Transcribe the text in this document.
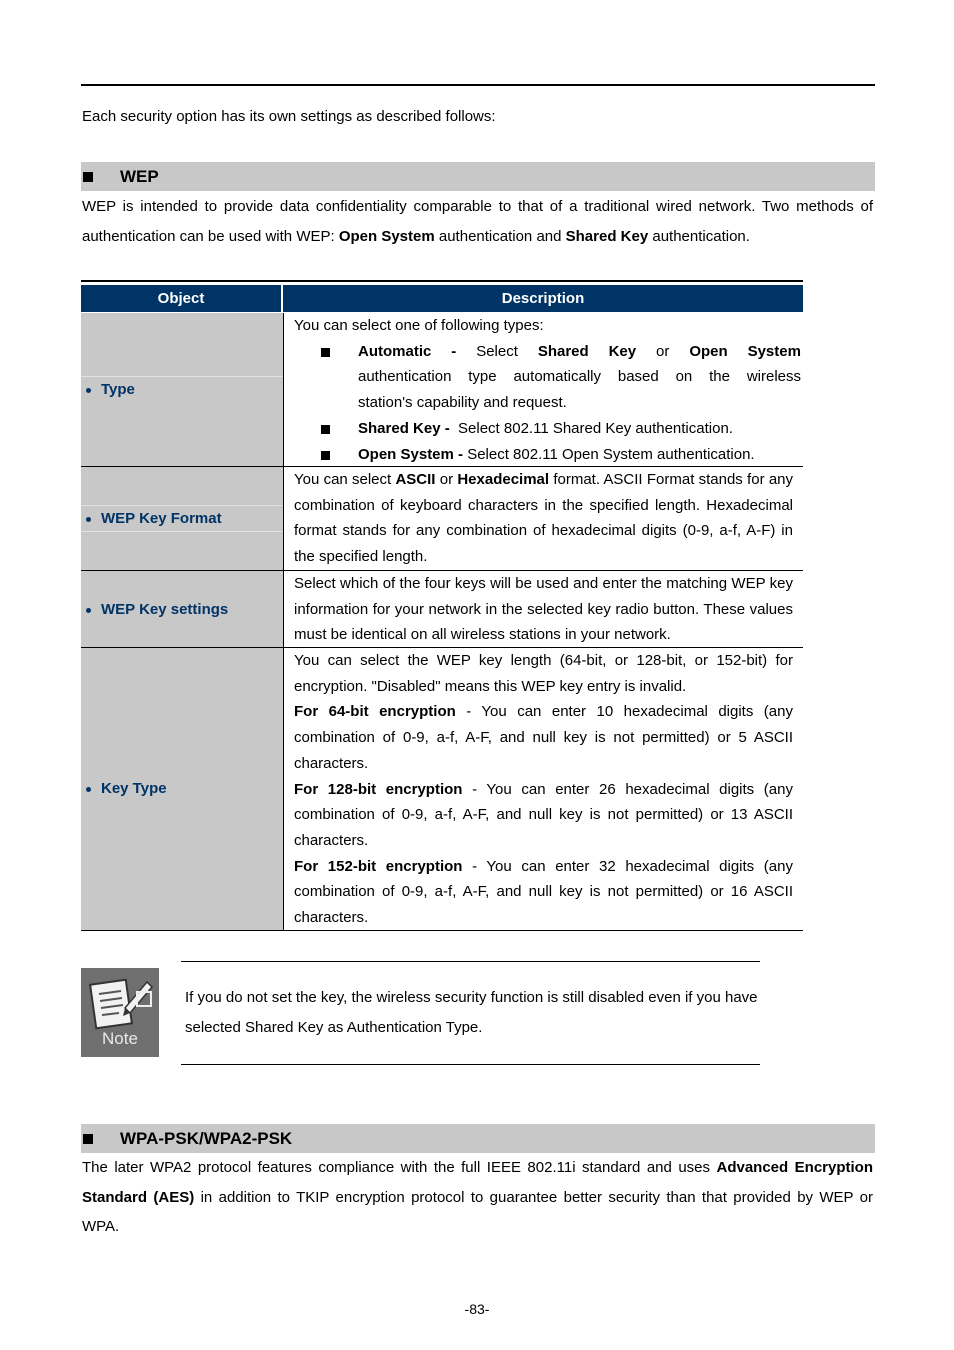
Each security option has its own settings as described follows:
WEP
WEP is intended to provide data confidentiality comparable to that of a traditional wired network. Two methods of authentication can be used with WEP: Open System authentication and Shared Key authentication.
Object	Description
Type
WEP Key Format
WEP Key settings
Key Type
You can select one of following types:
Automatic - Select Shared Key or Open System
authentication type automatically based on the wireless
station's capability and request.
Shared Key -  Select 802.11 Shared Key authentication.
Open System - Select 802.11 Open System authentication.
You can select ASCII or Hexadecimal format. ASCII Format stands for any combination of keyboard characters in the specified length. Hexadecimal format stands for any combination of hexadecimal digits (0-9, a-f, A-F) in the specified length.
Select which of the four keys will be used and enter the matching WEP key information for your network in the selected key radio button. These values must be identical on all wireless stations in your network.
You can select the WEP key length (64-bit, or 128-bit, or 152-bit) for encryption. "Disabled" means this WEP key entry is invalid.
For 64-bit encryption - You can enter 10 hexadecimal digits (any combination of 0-9, a-f, A-F, and null key is not permitted) or 5 ASCII characters.
For 128-bit encryption - You can enter 26 hexadecimal digits (any combination of 0-9, a-f, A-F, and null key is not permitted) or 13 ASCII characters.
For 152-bit encryption - You can enter 32 hexadecimal digits (any combination of 0-9, a-f, A-F, and null key is not permitted) or 16 ASCII characters.
Note
If you do not set the key, the wireless security function is still disabled even if you have selected Shared Key as Authentication Type.
WPA-PSK/WPA2-PSK
The later WPA2 protocol features compliance with the full IEEE 802.11i standard and uses Advanced Encryption Standard (AES) in addition to TKIP encryption protocol to guarantee better security than that provided by WEP or WPA.
-83-
